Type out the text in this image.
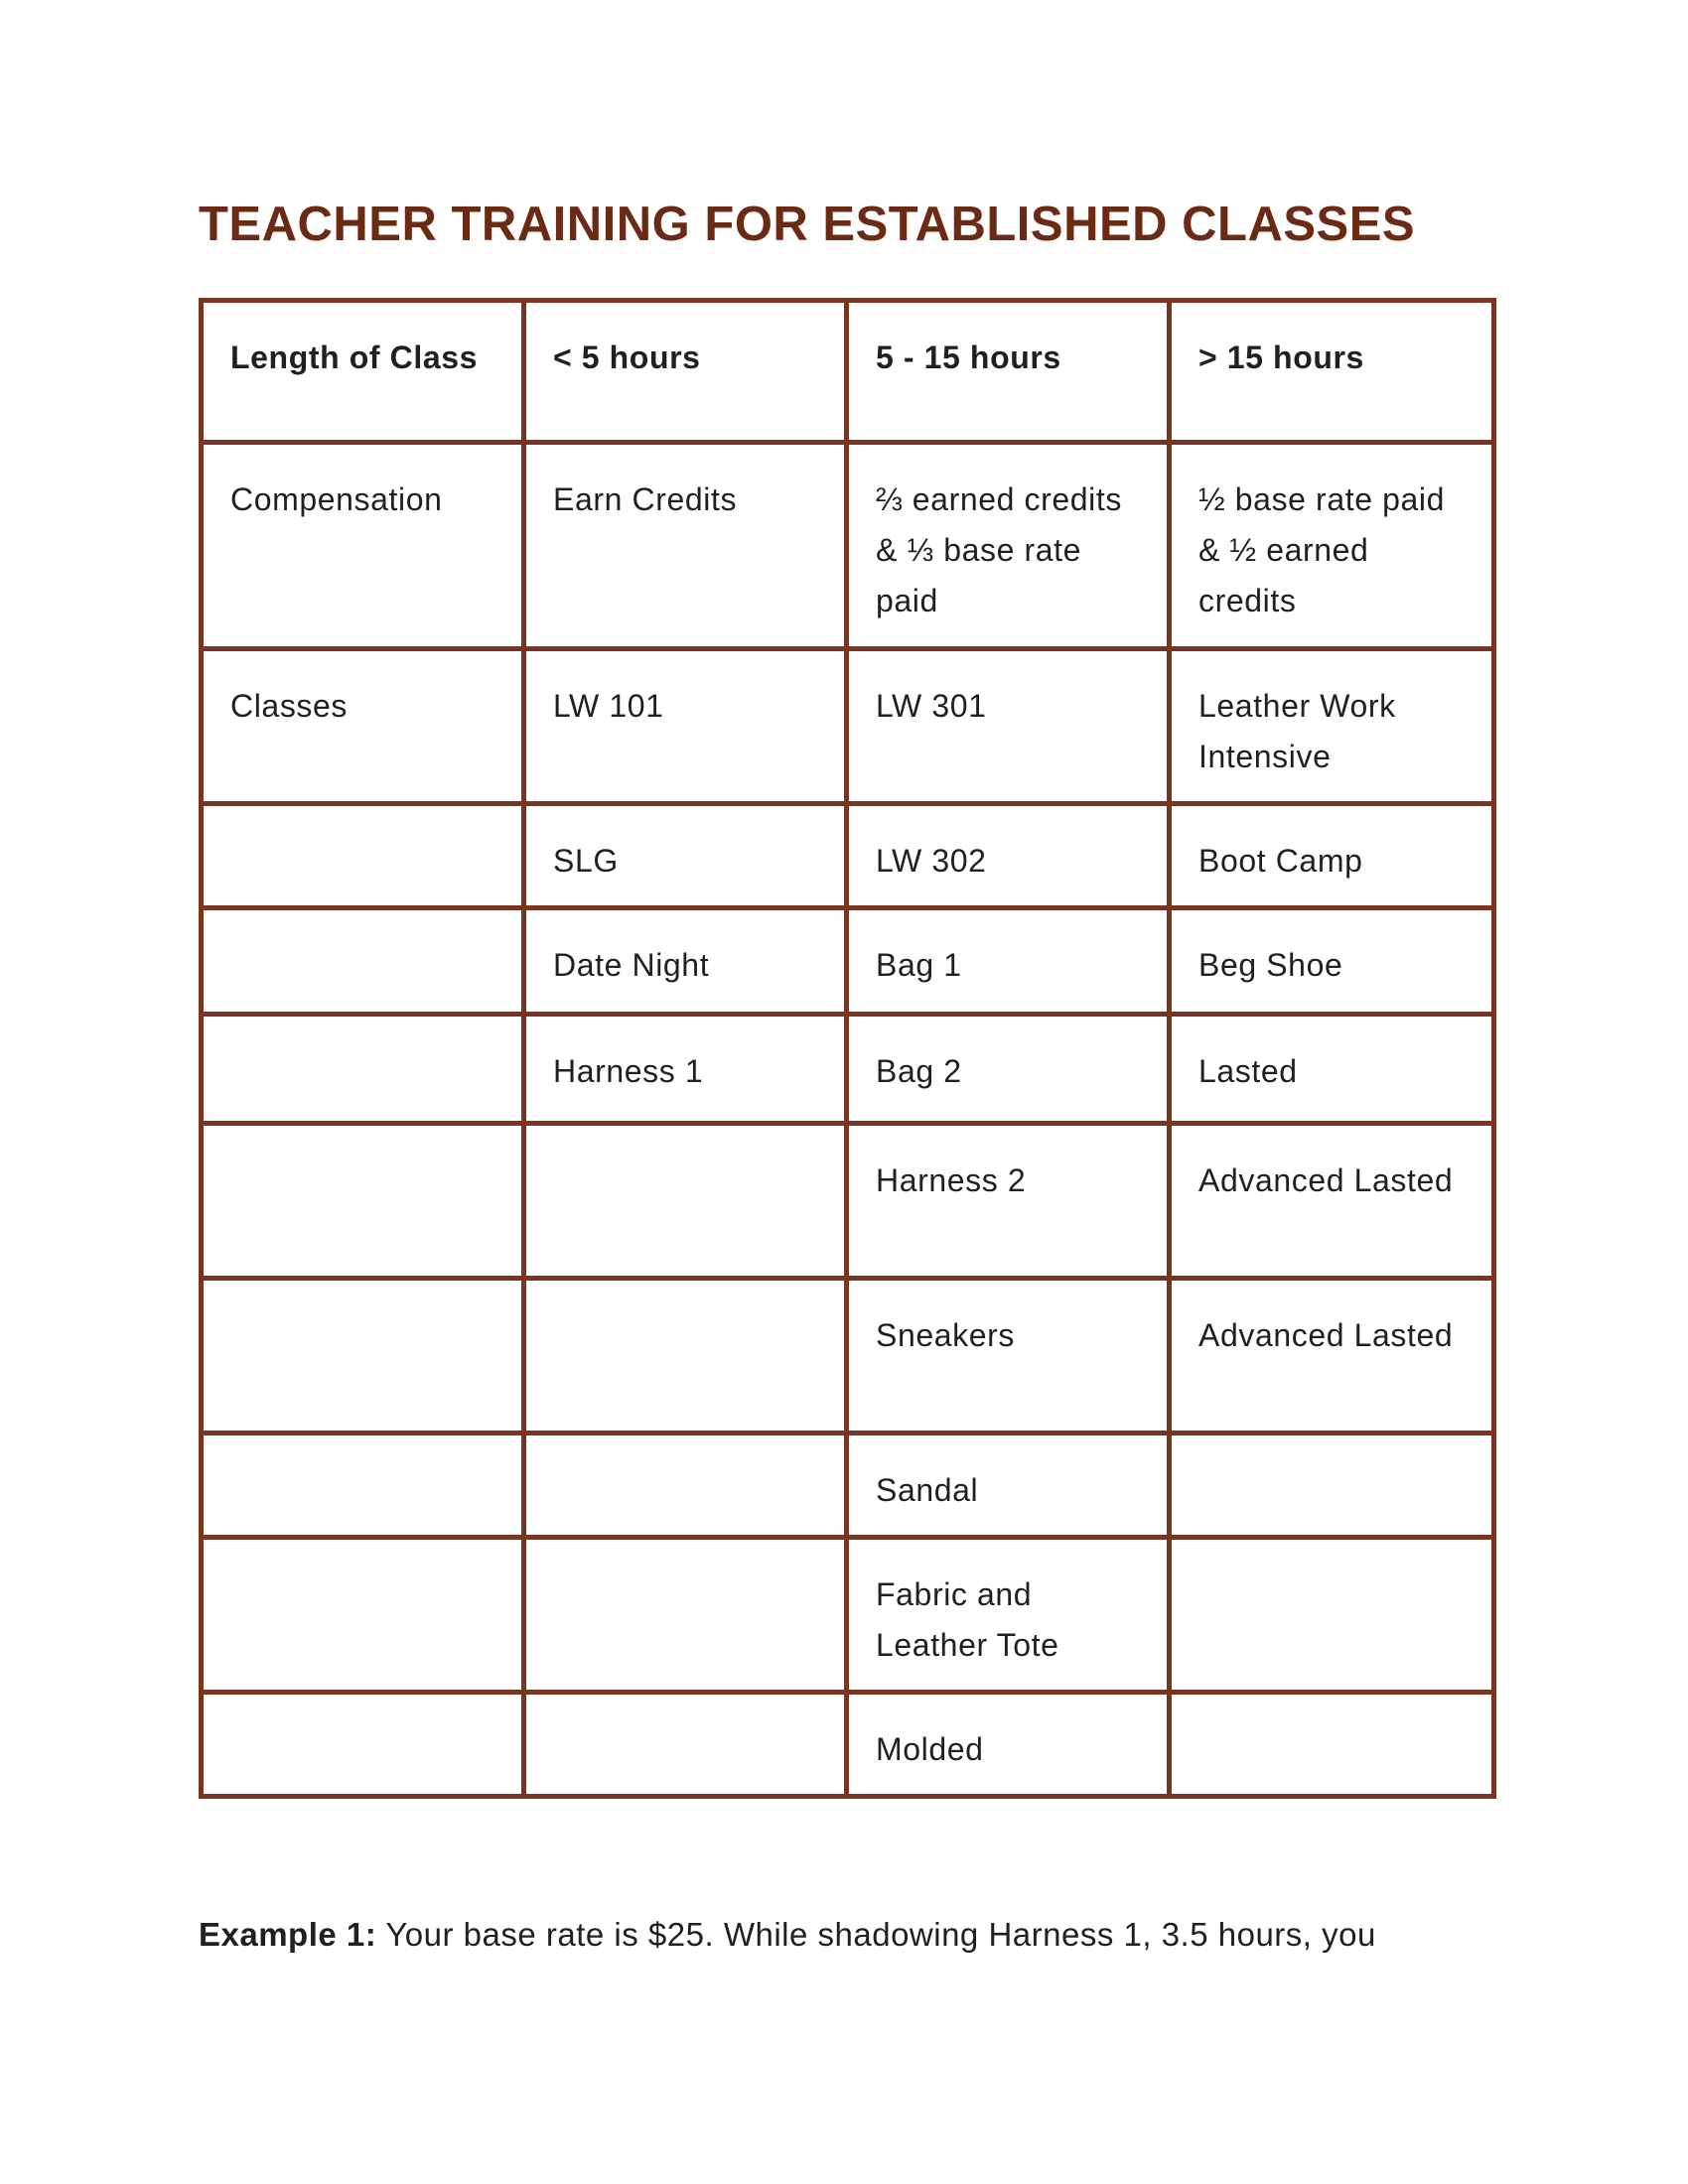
TEACHER TRAINING FOR ESTABLISHED CLASSES
Length of Class	< 5 hours	5 - 15 hours	> 15 hours
Compensation	Earn Credits	⅔ earned credits & ⅓ base rate paid	½ base rate paid & ½ earned credits
Classes	LW 101	LW 301	Leather Work Intensive
	SLG	LW 302	Boot Camp
	Date Night	Bag 1	Beg Shoe
	Harness 1	Bag 2	Lasted
		Harness 2	Advanced Lasted
		Sneakers	Advanced Lasted
		Sandal	
		Fabric and Leather Tote	
		Molded	

Example 1: Your base rate is $25. While shadowing Harness 1, 3.5 hours, you
